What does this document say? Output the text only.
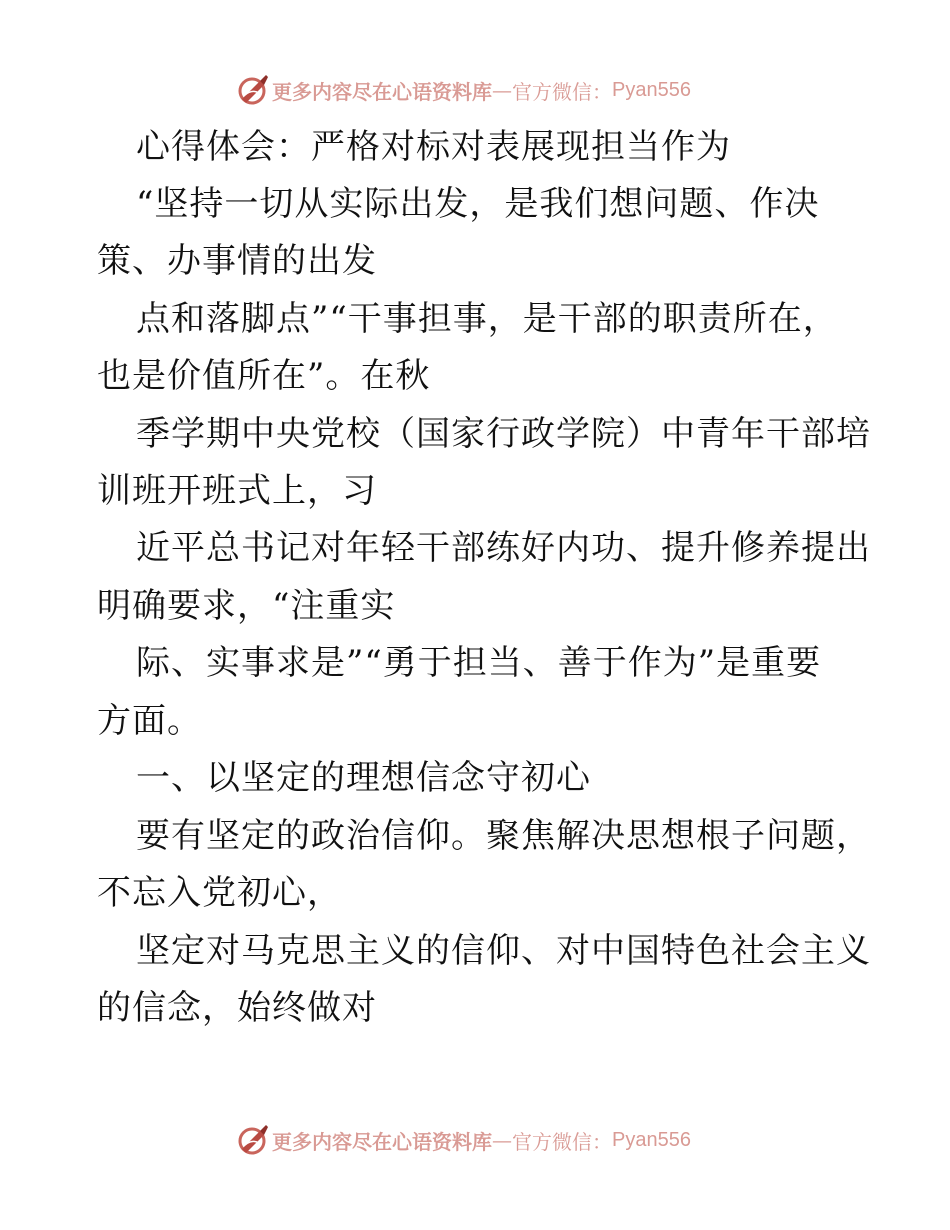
更多内容尽在心语资料库 — 官方微信： Pyan556
心得体会：严格对标对表展现担当作为
“坚持一切从实际出发，是我们想问题、作决
策、办事情的出发
点和落脚点”“干事担事，是干部的职责所在，
也是价值所在”。在秋
季学期中央党校（国家行政学院）中青年干部培
训班开班式上，习
近平总书记对年轻干部练好内功、提升修养提出
明确要求，“注重实
际、实事求是”“勇于担当、善于作为”是重要
方面。
一、以坚定的理想信念守初心
要有坚定的政治信仰。聚焦解决思想根子问题，
不忘入党初心，
坚定对马克思主义的信仰、对中国特色社会主义
的信念，始终做对
更多内容尽在心语资料库 — 官方微信： Pyan556
